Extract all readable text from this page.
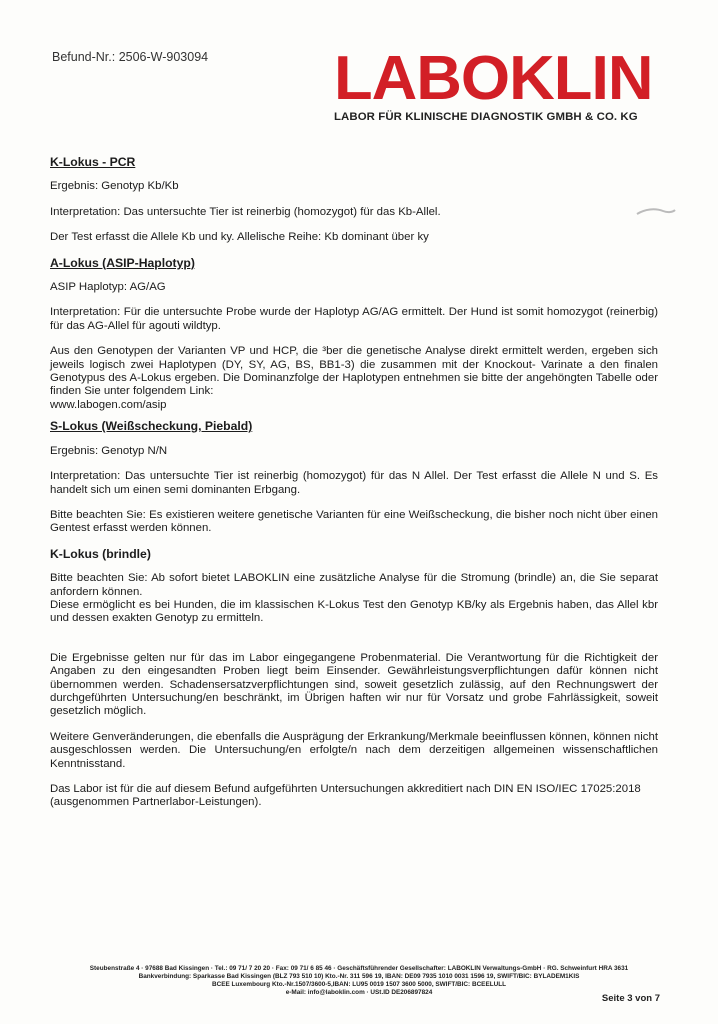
Befund-Nr.: 2506-W-903094 LABOKLIN
LABOR FÜR KLINISCHE DIAGNOSTIK GMBH & CO. KG
K-Lokus - PCR

Ergebnis: Genotyp Kb/Kb

Interpretation: Das untersuchte Tier ist reinerbig (homozygot) für das Kb-Allel.

Der Test erfasst die Allele Kb und ky. Allelische Reihe: Kb dominant über ky

A-Lokus (ASIP-Haplotyp)

ASIP Haplotyp: AG/AG

Interpretation: Für die untersuchte Probe wurde der Haplotyp AG/AG ermittelt. Der Hund ist somit homozygot (reinerbig) für das AG-Allel für agouti wildtyp.

Aus den Genotypen der Varianten VP und HCP, die ³ber die genetische Analyse direkt ermittelt werden, ergeben sich jeweils logisch zwei Haplotypen (DY, SY, AG, BS, BB1-3) die zusammen mit der Knockout- Varinate a den finalen Genotypus des A-Lokus ergeben. Die Dominanzfolge der Haplotypen entnehmen sie bitte der angehöngten Tabelle oder finden Sie unter folgendem Link:

www.labogen.com/asip

S-Lokus (Weißscheckung, Piebald)

Ergebnis: Genotyp N/N

Interpretation: Das untersuchte Tier ist reinerbig (homozygot) für das N Allel. Der Test erfasst die Allele N und S. Es handelt sich um einen semi dominanten Erbgang.

Bitte beachten Sie: Es existieren weitere genetische Varianten für eine Weißscheckung, die bisher noch nicht über einen Gentest erfasst werden können.

K-Lokus (brindle)

Bitte beachten Sie: Ab sofort bietet LABOKLIN eine zusätzliche Analyse für die Stromung (brindle) an, die Sie separat anfordern können.

Diese ermöglicht es bei Hunden, die im klassischen K-Lokus Test den Genotyp KB/ky als Ergebnis haben, das Allel kbr und dessen exakten Genotyp zu ermitteln.

Die Ergebnisse gelten nur für das im Labor eingegangene Probenmaterial. Die Verantwortung für die Richtigkeit der Angaben zu den eingesandten Proben liegt beim Einsender. Gewährleistungsverpflichtungen dafür können nicht übernommen werden. Schadensersatzverpflichtungen sind, soweit gesetzlich zulässig, auf den Rechnungswert der durchgeführten Untersuchung/en beschränkt, im Übrigen haften wir nur für Vorsatz und grobe Fahrlässigkeit, soweit gesetzlich möglich.

Weitere Genveränderungen, die ebenfalls die Ausprägung der Erkrankung/Merkmale beeinflussen können, können nicht ausgeschlossen werden. Die Untersuchung/en erfolgte/n nach dem derzeitigen allgemeinen wissenschaftlichen Kenntnisstand.

Das Labor ist für die auf diesem Befund aufgeführten Untersuchungen akkreditiert nach DIN EN ISO/IEC 17025:2018

(ausgenommen Partnerlabor-Leistungen).

Steubenstraße 4 · 97688 Bad Kissingen · Tel.: 09 71/ 7 20 20 · Fax: 09 71/ 6 85 46 · Geschäftsführender Gesellschafter: LABOKLIN Verwaltungs-GmbH · RG. Schweinfurt HRA 3631
Bankverbindung: Sparkasse Bad Kissingen (BLZ 793 510 10) Kto.-Nr. 311 596 19, IBAN: DE09 7935 1010 0031 1596 19, SWIFT/BIC: BYLADEM1KIS
BCEE Luxembourg Kto.-Nr.1507/3600-5,IBAN: LU95 0019 1507 3600 5000, SWIFT/BIC: BCEELULL
e-Mail: info@laboklin.com · USt.ID DE206897824
Seite 3 von 7
